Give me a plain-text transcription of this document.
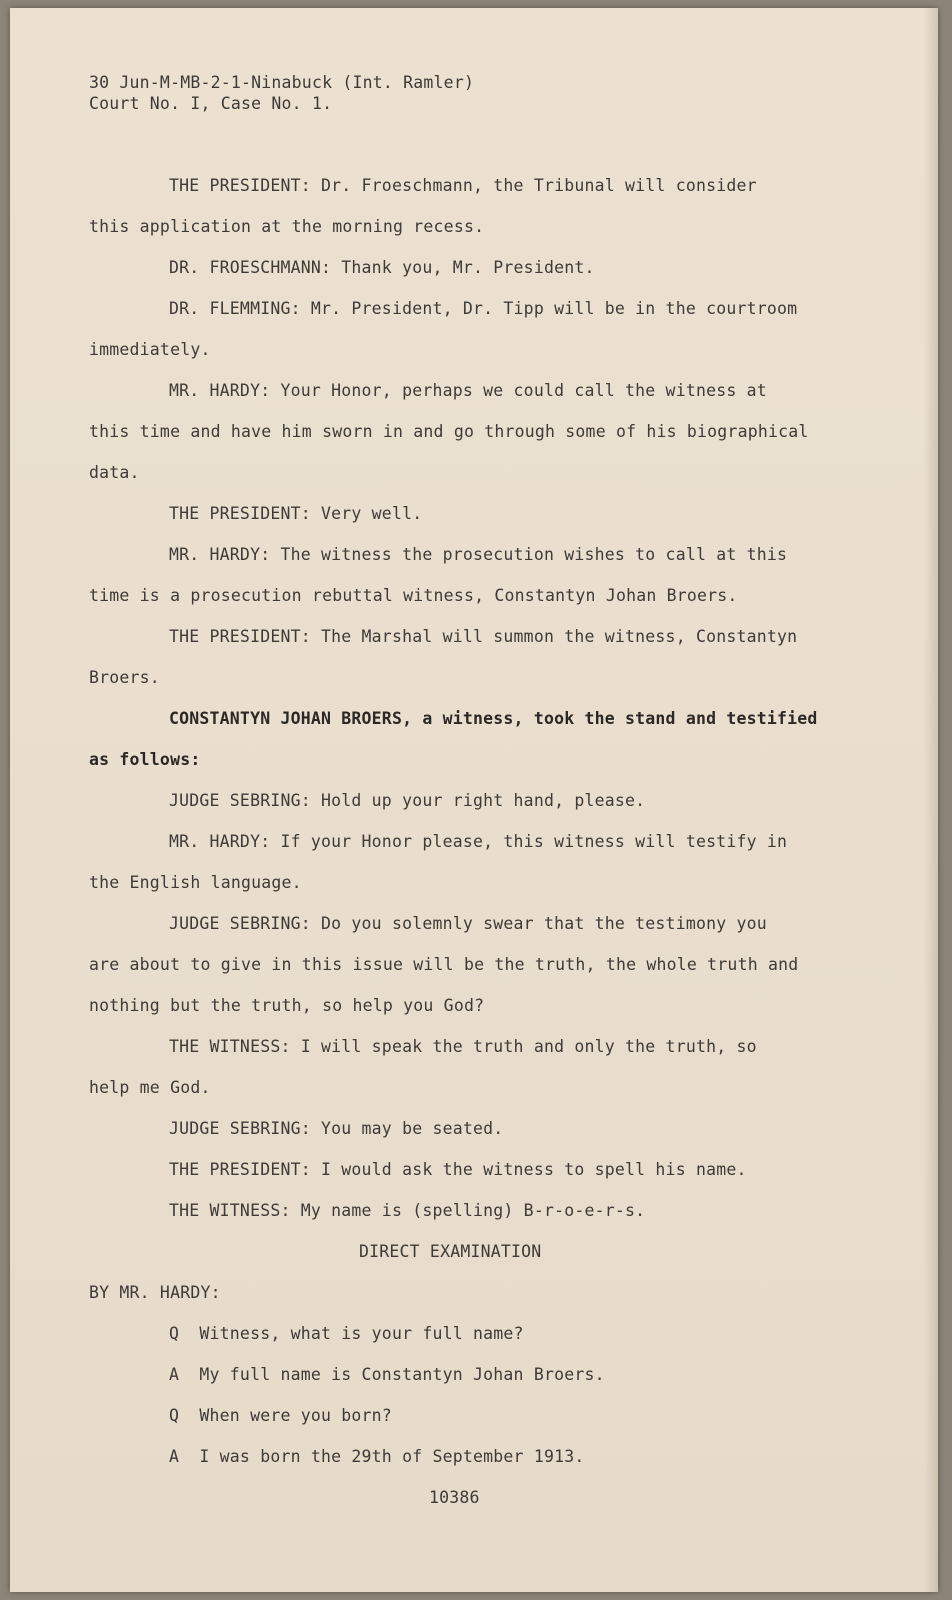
30 Jun-M-MB-2-1-Ninabuck (Int. Ramler)
Court No. I, Case No. 1.
THE PRESIDENT: Dr. Froeschmann, the Tribunal will consider
this application at the morning recess.
DR. FROESCHMANN: Thank you, Mr. President.
DR. FLEMMING: Mr. President, Dr. Tipp will be in the courtroom
immediately.
MR. HARDY: Your Honor, perhaps we could call the witness at
this time and have him sworn in and go through some of his biographical
data.
THE PRESIDENT: Very well.
MR. HARDY: The witness the prosecution wishes to call at this
time is a prosecution rebuttal witness, Constantyn Johan Broers.
THE PRESIDENT: The Marshal will summon the witness, Constantyn
Broers.
CONSTANTYN JOHAN BROERS, a witness, took the stand and testified
as follows:
JUDGE SEBRING: Hold up your right hand, please.
MR. HARDY: If your Honor please, this witness will testify in
the English language.
JUDGE SEBRING: Do you solemnly swear that the testimony you
are about to give in this issue will be the truth, the whole truth and
nothing but the truth, so help you God?
THE WITNESS: I will speak the truth and only the truth, so
help me God.
JUDGE SEBRING: You may be seated.
THE PRESIDENT: I would ask the witness to spell his name.
THE WITNESS: My name is (spelling) B-r-o-e-r-s.
DIRECT EXAMINATION
BY MR. HARDY:
Q  Witness, what is your full name?
A  My full name is Constantyn Johan Broers.
Q  When were you born?
A  I was born the 29th of September 1913.
10386
